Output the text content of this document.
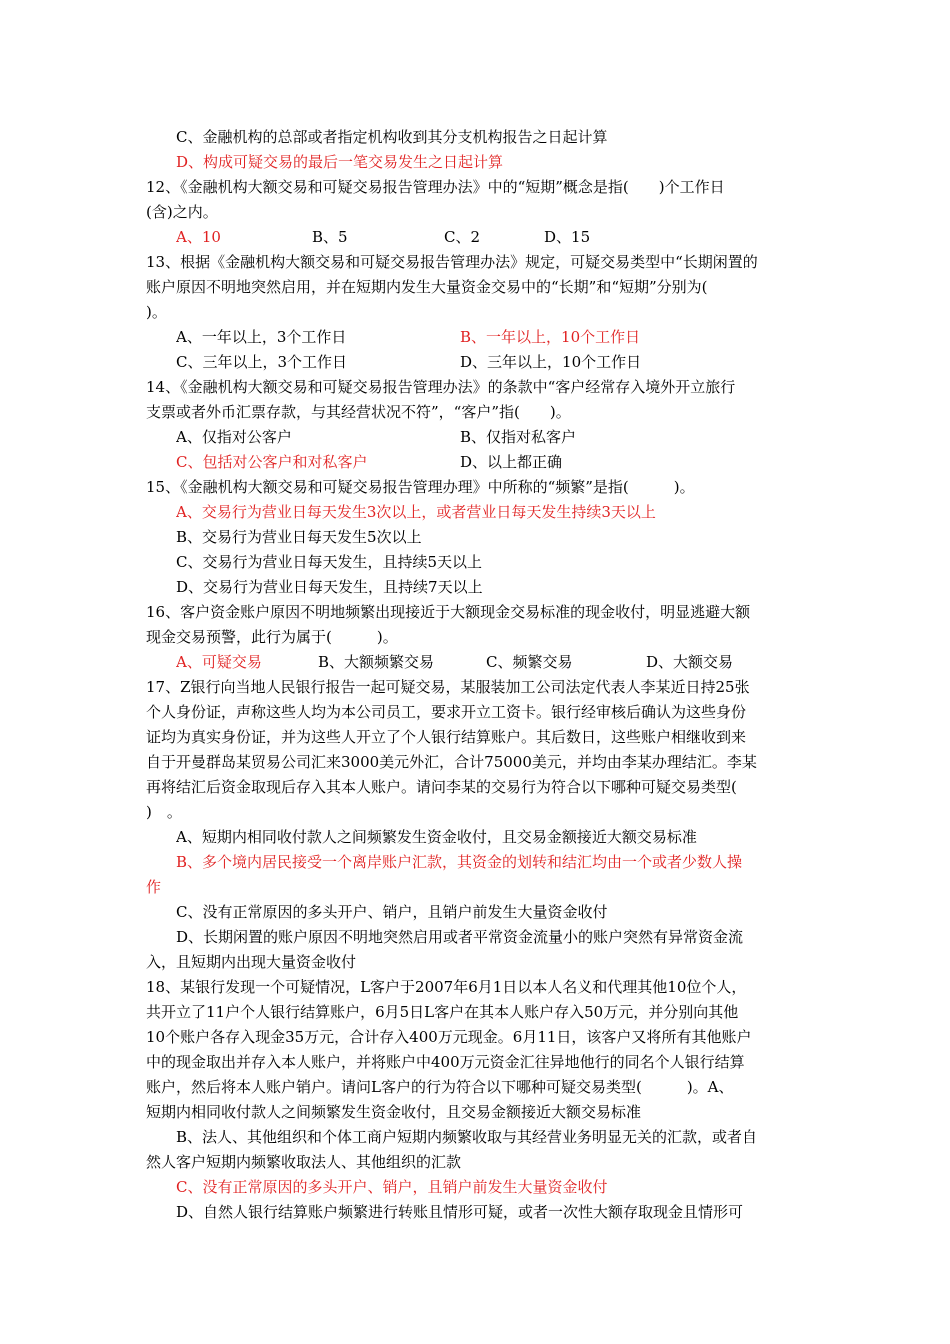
C、金融机构的总部或者指定机构收到其分支机构报告之日起计算
D、构成可疑交易的最后一笔交易发生之日起计算
12、《金融机构大额交易和可疑交易报告管理办法》中的“短期”概念是指(　　)个工作日
(含)之内。
A、10	B、5	C、2	D、15
13、根据《金融机构大额交易和可疑交易报告管理办法》规定，可疑交易类型中“长期闲置的
账户原因不明地突然启用，并在短期内发生大量资金交易中的“长期”和“短期”分别为(
)。
A、一年以上，3个工作日	B、一年以上，10个工作日
C、三年以上，3个工作日	D、三年以上，10个工作日
14、《金融机构大额交易和可疑交易报告管理办法》的条款中“客户经常存入境外开立旅行
支票或者外币汇票存款，与其经营状况不符”，“客户”指(　　)。
A、仅指对公客户	B、仅指对私客户
C、包括对公客户和对私客户	D、以上都正确
15、《金融机构大额交易和可疑交易报告管理办理》中所称的“频繁”是指(　　　)。
A、交易行为营业日每天发生3次以上，或者营业日每天发生持续3天以上
B、交易行为营业日每天发生5次以上
C、交易行为营业日每天发生，且持续5天以上
D、交易行为营业日每天发生，且持续7天以上
16、客户资金账户原因不明地频繁出现接近于大额现金交易标准的现金收付，明显逃避大额
现金交易预警，此行为属于(　　　)。
A、可疑交易	B、大额频繁交易	C、频繁交易	D、大额交易
17、Z银行向当地人民银行报告一起可疑交易，某服装加工公司法定代表人李某近日持25张
个人身份证，声称这些人均为本公司员工，要求开立工资卡。银行经审核后确认为这些身份
证均为真实身份证，并为这些人开立了个人银行结算账户。其后数日，这些账户相继收到来
自于开曼群岛某贸易公司汇来3000美元外汇，合计75000美元，并均由李某办理结汇。李某
再将结汇后资金取现后存入其本人账户。请问李某的交易行为符合以下哪种可疑交易类型(
)　。
A、短期内相同收付款人之间频繁发生资金收付，且交易金额接近大额交易标准
B、多个境内居民接受一个离岸账户汇款，其资金的划转和结汇均由一个或者少数人操
作
C、没有正常原因的多头开户、销户，且销户前发生大量资金收付
D、长期闲置的账户原因不明地突然启用或者平常资金流量小的账户突然有异常资金流
入，且短期内出现大量资金收付
18、某银行发现一个可疑情况，L客户于2007年6月1日以本人名义和代理其他10位个人，
共开立了11户个人银行结算账户，6月5日L客户在其本人账户存入50万元，并分别向其他
10个账户各存入现金35万元，合计存入400万元现金。6月11日，该客户又将所有其他账户
中的现金取出并存入本人账户，并将账户中400万元资金汇往异地他行的同名个人银行结算
账户，然后将本人账户销户。请问L客户的行为符合以下哪种可疑交易类型(　　　)。A、
短期内相同收付款人之间频繁发生资金收付，且交易金额接近大额交易标准
B、法人、其他组织和个体工商户短期内频繁收取与其经营业务明显无关的汇款，或者自
然人客户短期内频繁收取法人、其他组织的汇款
C、没有正常原因的多头开户、销户，且销户前发生大量资金收付
D、自然人银行结算账户频繁进行转账且情形可疑，或者一次性大额存取现金且情形可
